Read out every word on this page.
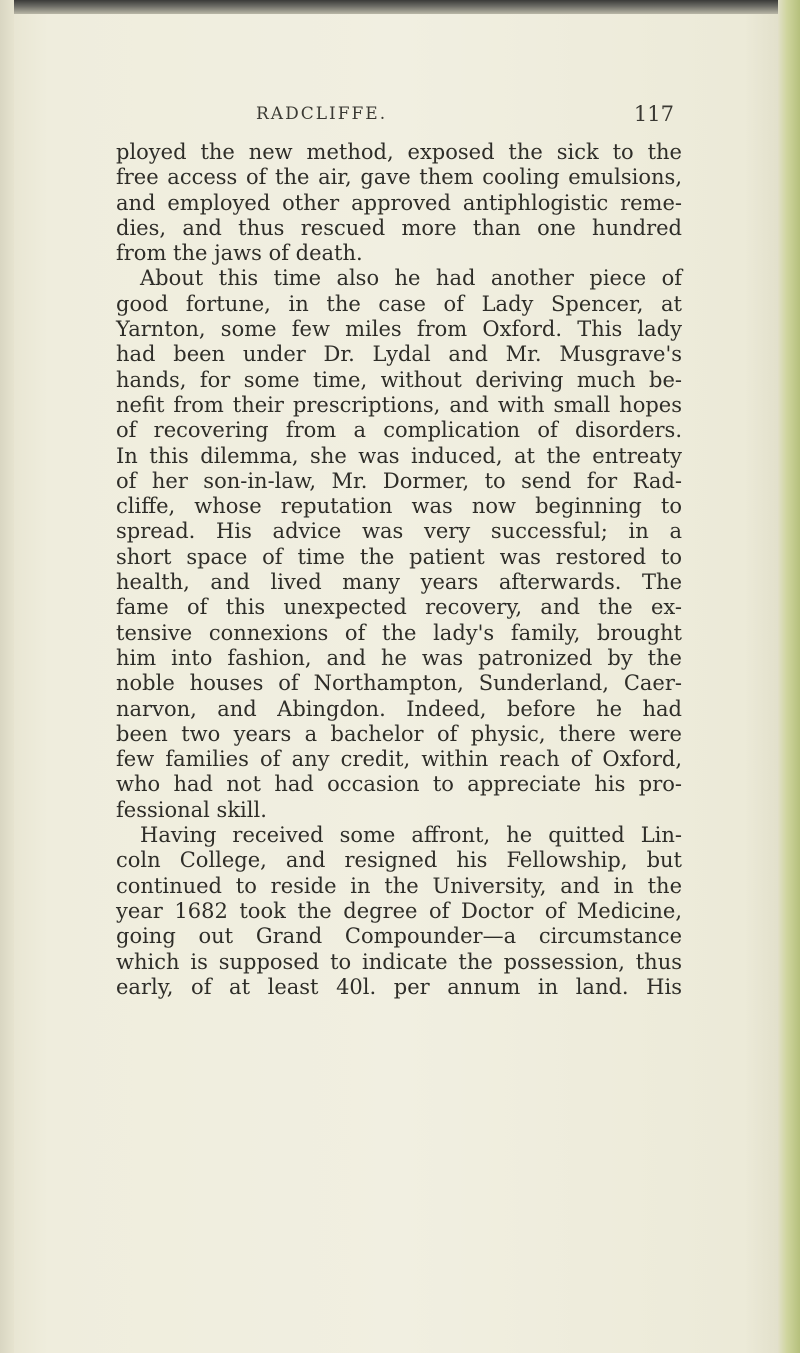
RADCLIFFE.	117
ployed the new method, exposed the sick to the
free access of the air, gave them cooling emulsions,
and employed other approved antiphlogistic reme-
dies, and thus rescued more than one hundred
from the jaws of death.
About this time also he had another piece of
good fortune, in the case of Lady Spencer, at
Yarnton, some few miles from Oxford. This lady
had been under Dr. Lydal and Mr. Musgrave's
hands, for some time, without deriving much be-
nefit from their prescriptions, and with small hopes
of recovering from a complication of disorders.
In this dilemma, she was induced, at the entreaty
of her son-in-law, Mr. Dormer, to send for Rad-
cliffe, whose reputation was now beginning to
spread. His advice was very successful; in a
short space of time the patient was restored to
health, and lived many years afterwards. The
fame of this unexpected recovery, and the ex-
tensive connexions of the lady's family, brought
him into fashion, and he was patronized by the
noble houses of Northampton, Sunderland, Caer-
narvon, and Abingdon. Indeed, before he had
been two years a bachelor of physic, there were
few families of any credit, within reach of Oxford,
who had not had occasion to appreciate his pro-
fessional skill.
Having received some affront, he quitted Lin-
coln College, and resigned his Fellowship, but
continued to reside in the University, and in the
year 1682 took the degree of Doctor of Medicine,
going out Grand Compounder—a circumstance
which is supposed to indicate the possession, thus
early, of at least 40l. per annum in land. His
